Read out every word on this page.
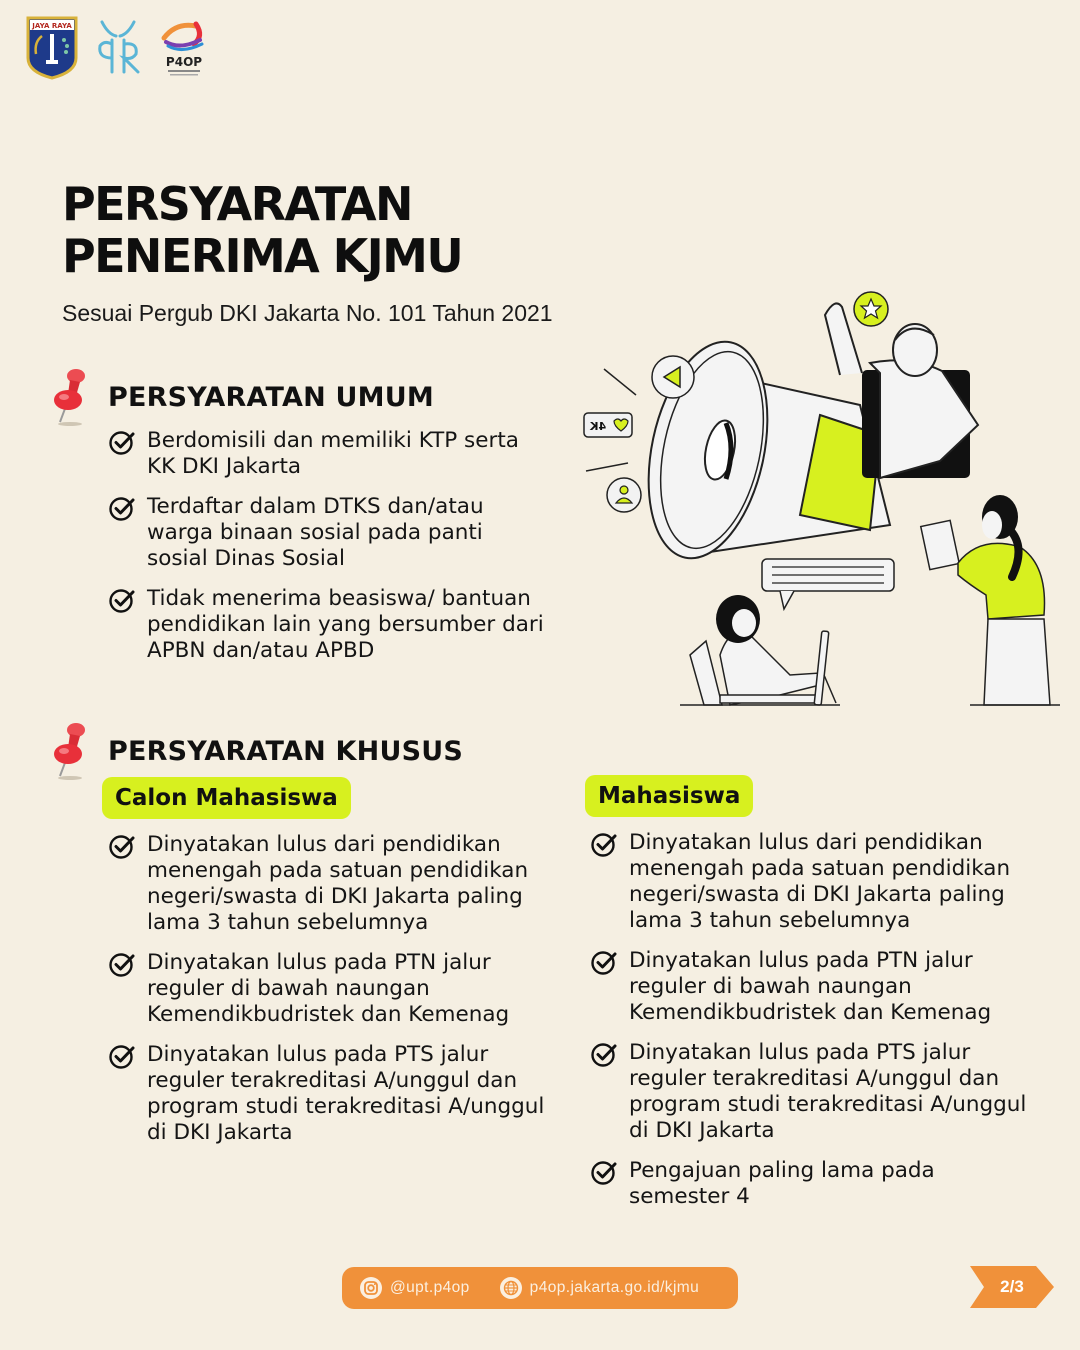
JAYA RAYA
P4OP
PERSYARATAN
PENERIMA KJMU
Sesuai Pergub DKI Jakarta No. 101 Tahun 2021
PERSYARATAN UMUM
Berdomisili dan memiliki KTP serta KK DKI Jakarta
Terdaftar dalam DTKS dan/atau warga binaan sosial pada panti sosial Dinas Sosial
Tidak menerima beasiswa/ bantuan pendidikan lain yang bersumber dari APBN dan/atau APBD
PERSYARATAN KHUSUS
Calon Mahasiswa
Dinyatakan lulus dari pendidikan menengah pada satuan pendidikan negeri/swasta di DKI Jakarta paling lama 3 tahun sebelumnya
Dinyatakan lulus pada PTN jalur reguler di bawah naungan Kemendikbudristek dan Kemenag
Dinyatakan lulus pada PTS jalur reguler terakreditasi A/unggul dan program studi terakreditasi A/unggul di DKI Jakarta
Mahasiswa
Dinyatakan lulus dari pendidikan menengah pada satuan pendidikan negeri/swasta di DKI Jakarta paling lama 3 tahun sebelumnya
Dinyatakan lulus pada PTN jalur reguler di bawah naungan Kemendikbudristek dan Kemenag
Dinyatakan lulus pada PTS jalur reguler terakreditasi A/unggul dan program studi terakreditasi A/unggul di DKI Jakarta
Pengajuan paling lama pada semester 4
4K
@upt.p4op	p4op.jakarta.go.id/kjmu	2/3
